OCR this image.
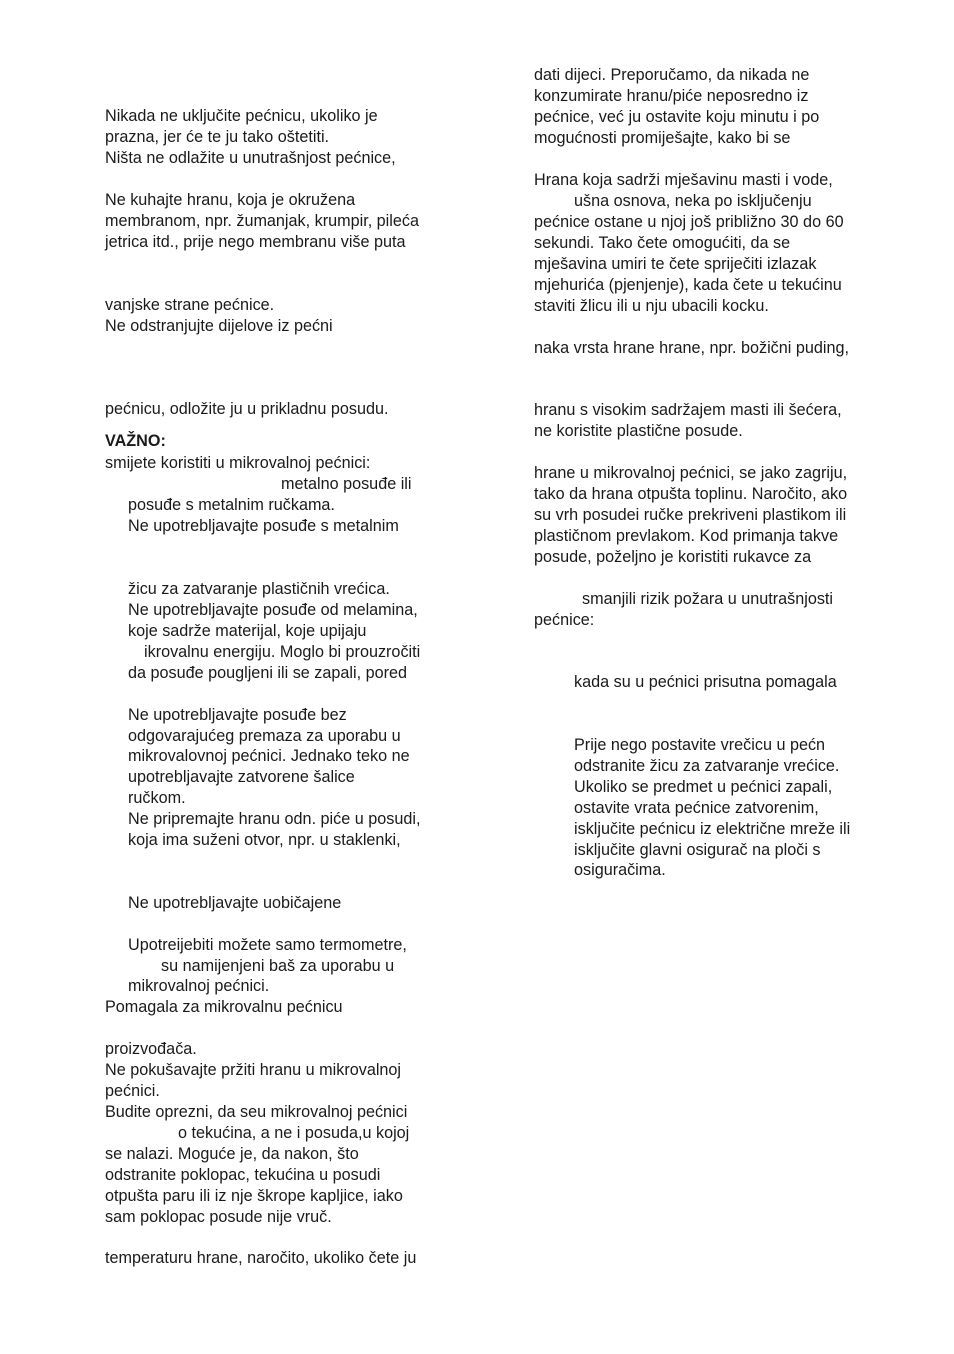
Nikada ne uključite pećnicu, ukoliko je
prazna, jer će te ju tako oštetiti.
Ništa ne odlažite u unutrašnjost pećnice,
Ne kuhajte hranu, koja je okružena
membranom, npr. žumanjak, krumpir, pileća
jetrica itd., prije nego membranu više puta
vanjske strane pećnice.
Ne odstranjujte dijelove iz pećni
pećnicu, odložite ju u prikladnu posudu.
VAŽNO:
smijete koristiti u mikrovalnoj pećnici:
metalno posuđe ili
posuđe s metalnim ručkama.
Ne upotrebljavajte posuđe s metalnim
žicu za zatvaranje plastičnih vrećica.
Ne upotrebljavajte posuđe od melamina,
koje sadrže materijal, koje upijaju
ikrovalnu energiju. Moglo bi prouzročiti
da posuđe pougljeni ili se zapali, pored
Ne upotrebljavajte posuđe bez
odgovarajućeg premaza za uporabu u
mikrovalovnoj pećnici. Jednako teko ne
upotrebljavajte zatvorene šalice
ručkom.
Ne pripremajte hranu odn. piće u posudi,
koja ima suženi otvor, npr. u staklenki,
Ne upotrebljavajte uobičajene
Upotreijebiti možete samo termometre,
su namijenjeni baš za uporabu u
mikrovalnoj pećnici.
Pomagala za mikrovalnu pećnicu
proizvođača.
Ne pokušavajte pržiti hranu u mikrovalnoj
pećnici.
Budite oprezni, da seu mikrovalnoj pećnici
o tekućina, a ne i posuda,u kojoj
se nalazi. Moguće je, da nakon, što
odstranite poklopac, tekućina u posudi
otpušta paru ili iz nje škrope kapljice, iako
sam poklopac posude nije vruč.
temperaturu hrane, naročito, ukoliko čete ju
dati dijeci. Preporučamo, da nikada ne
konzumirate hranu/piće neposredno iz
pećnice, već ju ostavite koju minutu i po
mogućnosti promiješajte, kako bi se
Hrana koja sadrži mješavinu masti i vode,
ušna osnova, neka po isključenju
pećnice ostane u njoj još približno 30 do 60
sekundi. Tako čete omogućiti, da se
mješavina umiri te čete spriječiti izlazak
mjehurića (pjenjenje), kada čete u tekućinu
staviti žlicu ili u nju ubacili kocku.
naka vrsta hrane hrane, npr. božični puding,
hranu s visokim sadržajem masti ili šećera,
ne koristite plastične posude.
hrane u mikrovalnoj pećnici, se jako zagriju,
tako da hrana otpušta toplinu. Naročito, ako
su vrh posudei ručke prekriveni plastikom ili
plastičnom prevlakom. Kod primanja takve
posude, poželjno je koristiti rukavce za
smanjili rizik požara u unutrašnjosti
pećnice:
kada su u pećnici prisutna pomagala
Prije nego postavite vrečicu u pećn
odstranite žicu za zatvaranje vrećice.
Ukoliko se predmet u pećnici zapali,
ostavite vrata pećnice zatvorenim,
isključite pećnicu iz električne mreže ili
isključite glavni osigurač na ploči s
osiguračima.
